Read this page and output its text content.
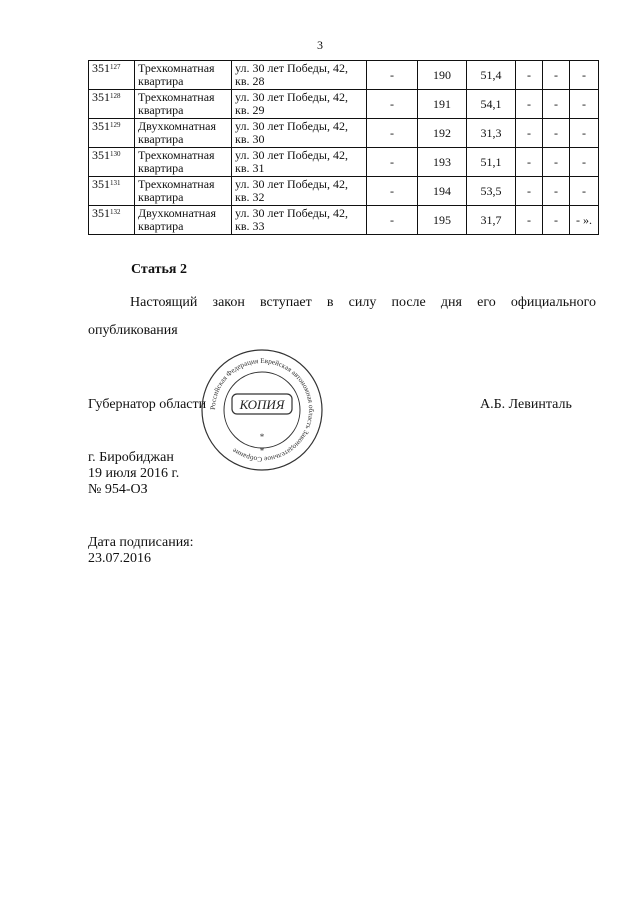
3
$351^{127}$	Трехкомнатная квартира	ул. 30 лет Победы, 42, кв. 28	-	190	51,4	-	-	-
$351^{128}$	Трехкомнатная квартира	ул. 30 лет Победы, 42, кв. 29	-	191	54,1	-	-	-
$351^{129}$	Двухкомнатная квартира	ул. 30 лет Победы, 42, кв. 30	-	192	31,3	-	-	-
$351^{130}$	Трехкомнатная квартира	ул. 30 лет Победы, 42, кв. 31	-	193	51,1	-	-	-
$351^{131}$	Трехкомнатная квартира	ул. 30 лет Победы, 42, кв. 32	-	194	53,5	-	-	-
$351^{132}$	Двухкомнатная квартира	ул. 30 лет Победы, 42, кв. 33	-	195	31,7	-	-	- ».
Статья 2
Настоящий закон вступает в силу после дня его официального опубликования
Губернатор области Российская Федерация Еврейская автономная область Законодательное Собрание
КОПИЯ
*
*
А.Б. Левинталь
г. Биробиджан
19 июля 2016 г.
№ 954-ОЗ
Дата подписания:
23.07.2016
